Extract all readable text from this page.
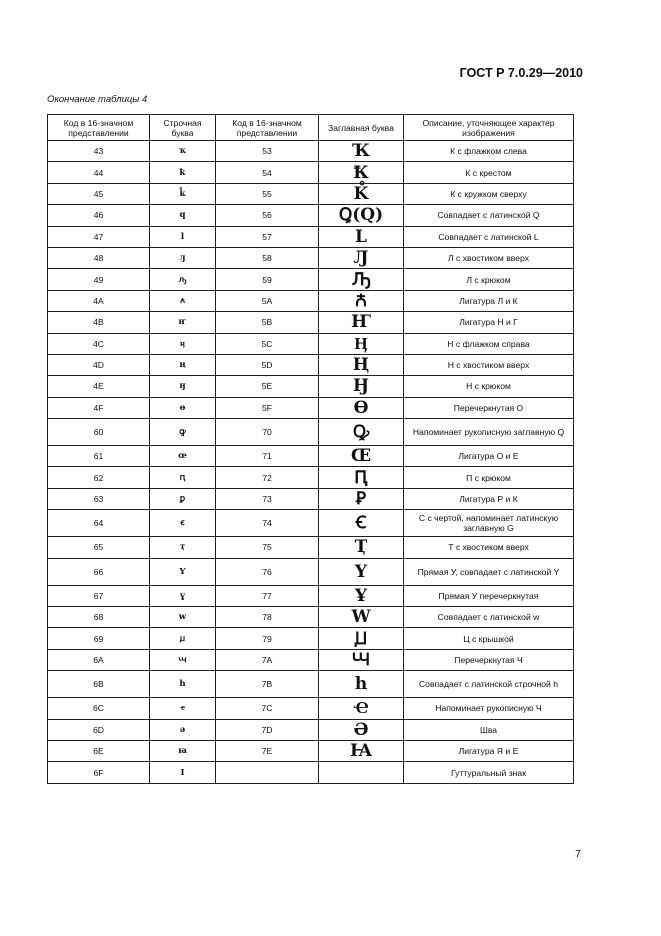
ГОСТ Р 7.0.29—2010
Окончание таблицы 4
Код в 16-значном представлении	Строчная буква	Код в 16-значном представлении	Заглавная буква	Описание, уточняющее характер изображения
43	ҡ	53	Ҡ	К с флажком слева
44	ꝁ	54	Ꝁ	К с крестом
45	k̊	55	K̊	К с кружком сверху
46	q	56	Ꝗ(Q)	Совпадает с латинской Q
47	l	57	L	Совпадает с латинской L
48	ԓ	58	Ԓ	Л с хвостиком вверх
49	ԡ	59	Ԡ	Л с крюком
4A	ꙉ	5A	Ꙉ	Лигатура Л и К
4B	ҥ	5B	Ҥ	Лигатура Н и Г
4C	ӊ	5C	Ӊ	Н с флажком справа
4D	ң	5D	Ң	Н с хвостиком вверх
4E	ӈ	5E	Ӈ	Н с крюком
4F	ɵ	5F	Ɵ	Перечеркнутая О
60	ꝙ	70	Ꝙ	Напоминает рукописную заглавную Q
61	œ	71	Œ	Лигатура О и Е
62	ԥ	72	Ԥ	П с крюком
63	ꝑ	73	Ꝑ	Лигатура Р и К
64	ꞓ	74	Ꞓ	С с чертой, напоминает латинскую заглавную G
65	ҭ	75	Ҭ	Т с хвостиком вверх
66	Y	76	Y	Прямая У, совпадает с латинской Y
67	ұ	77	Ұ	Прямая У перечеркнутая
68	w	78	W	Совпадает с латинской w
69	ꙡ	79	Ꙡ	Ц с крышкой
6A	ꚇ	7A	Ꚇ	Перечеркнутая Ч
6B	h	7B	h	Совпадает с латинской строчной h
6C	ҽ	7C	Ҽ	Напоминает рукописную Ч
6D	ә	7D	Ә	Шва
6E	ꙗ	7E	Ꙗ	Лигатура Я и Е
6F	I			Гуттуральный знак
7
